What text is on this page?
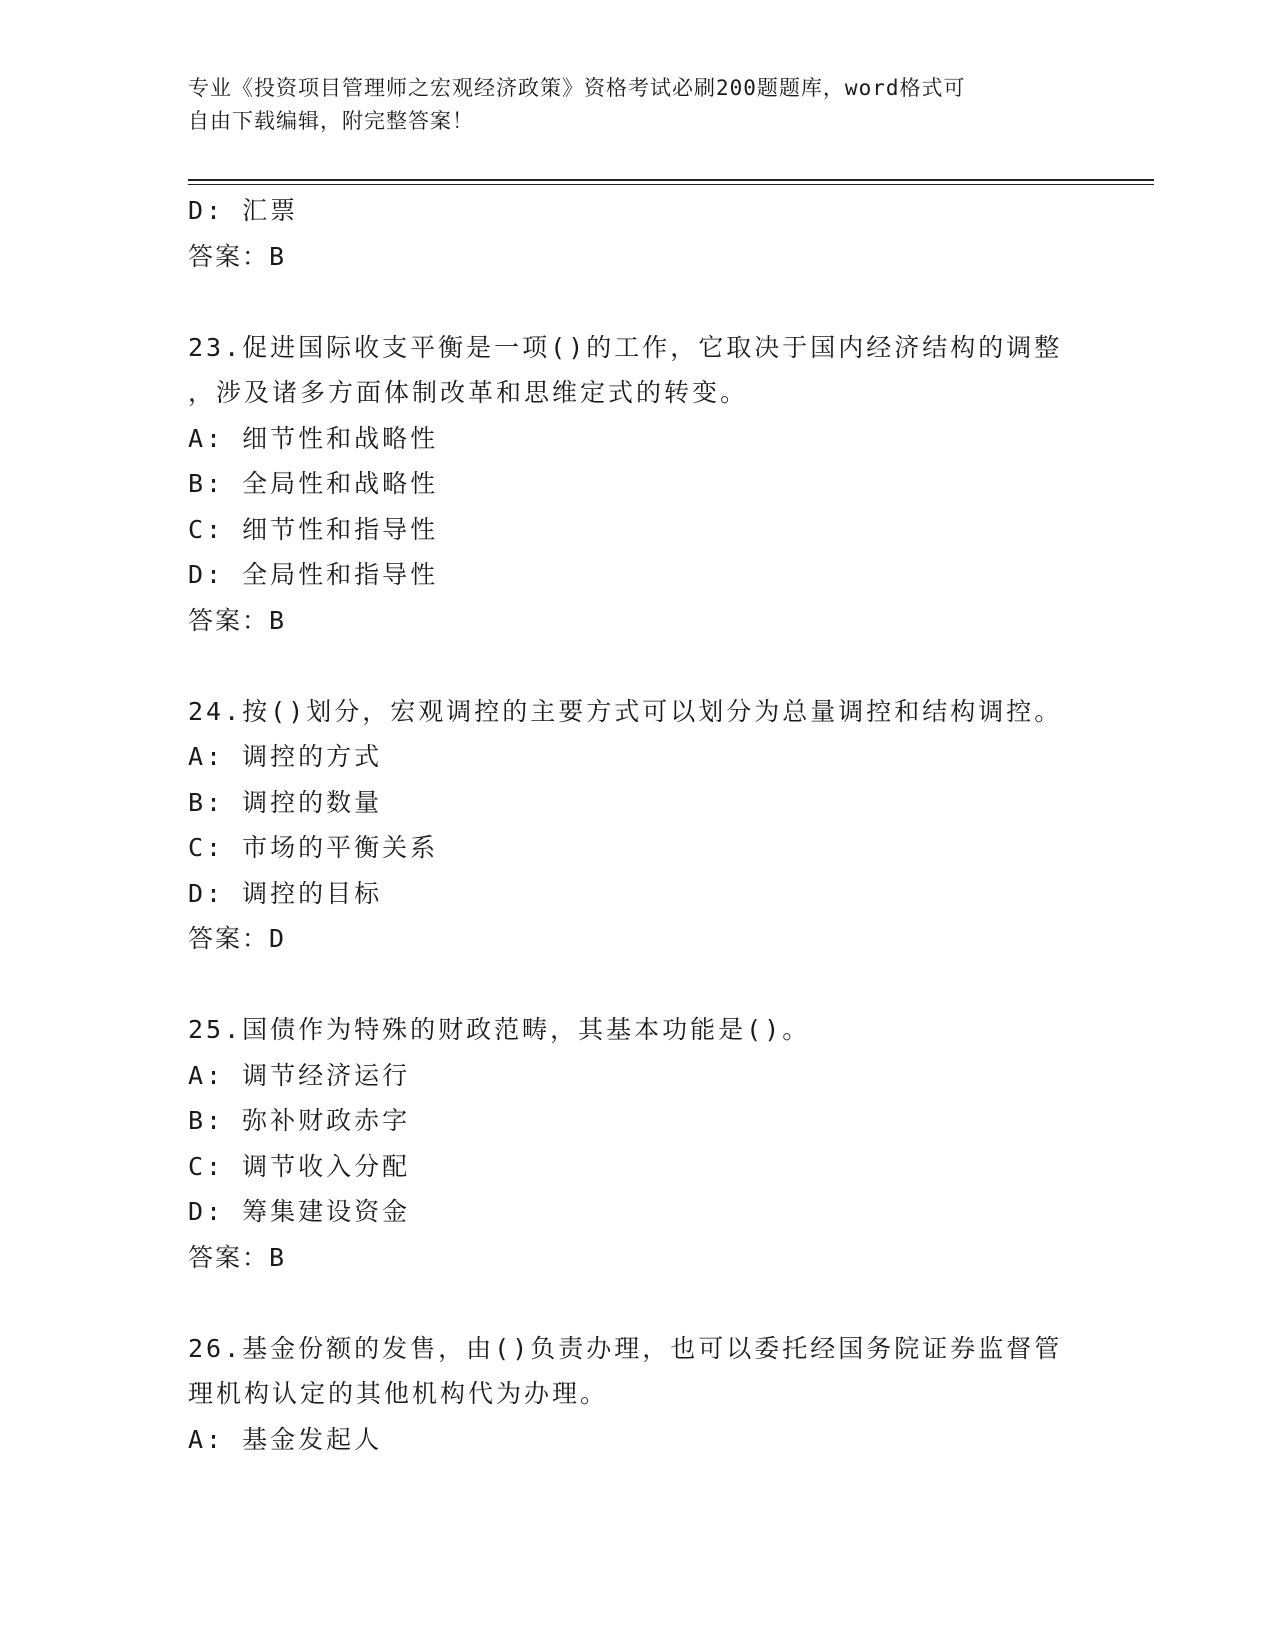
专业《投资项目管理师之宏观经济政策》资格考试必刷200题题库，word格式可
自由下载编辑，附完整答案！
D: 汇票
答案：B
23.促进国际收支平衡是一项()的工作，它取决于国内经济结构的调整
，涉及诸多方面体制改革和思维定式的转变。
A: 细节性和战略性
B: 全局性和战略性
C: 细节性和指导性
D: 全局性和指导性
答案：B
24.按()划分，宏观调控的主要方式可以划分为总量调控和结构调控。
A: 调控的方式
B: 调控的数量
C: 市场的平衡关系
D: 调控的目标
答案：D
25.国债作为特殊的财政范畴，其基本功能是()。
A: 调节经济运行
B: 弥补财政赤字
C: 调节收入分配
D: 筹集建设资金
答案：B
26.基金份额的发售，由()负责办理，也可以委托经国务院证券监督管
理机构认定的其他机构代为办理。
A: 基金发起人
